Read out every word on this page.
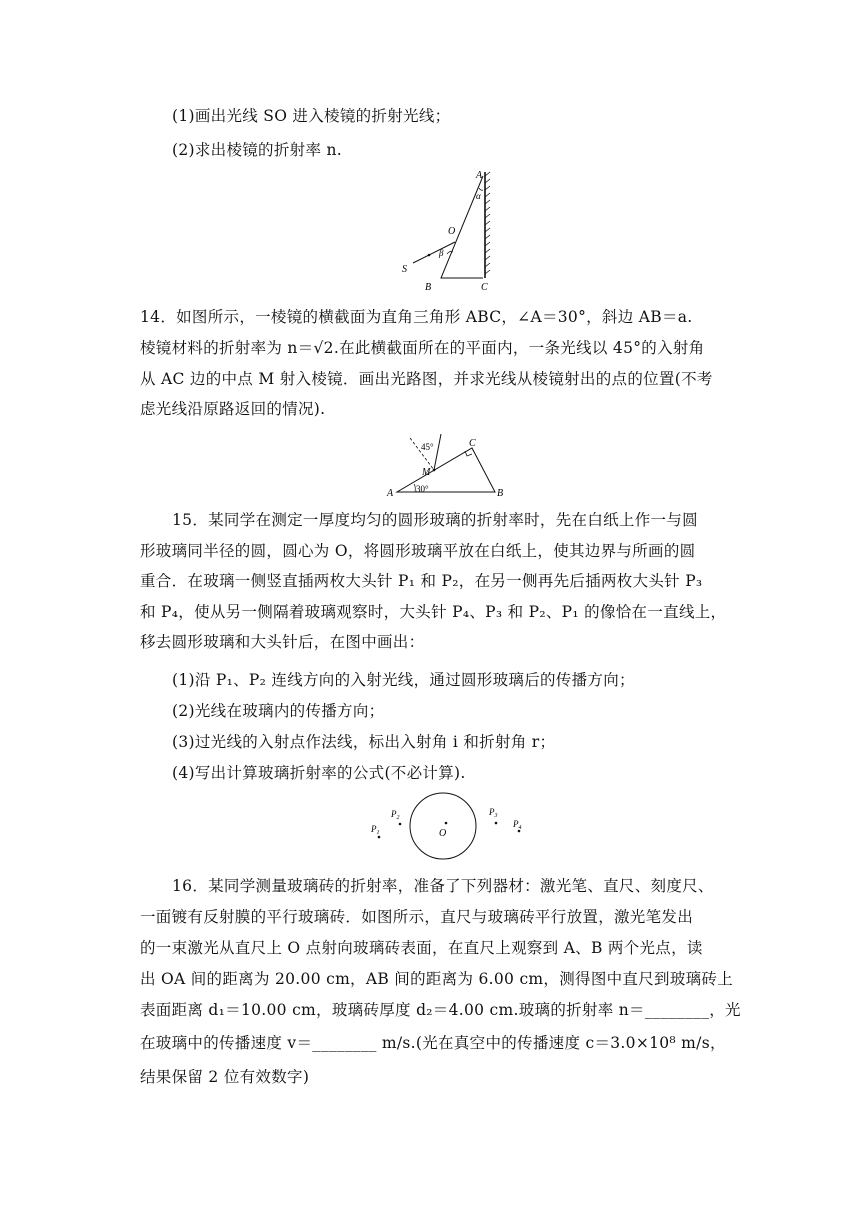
(1)画出光线 SO 进入棱镜的折射光线；
(2)求出棱镜的折射率 n.
A
α
O
β
S
B	C
14．如图所示，一棱镜的横截面为直角三角形 ABC，∠A＝30°，斜边 AB＝a.
棱镜材料的折射率为 n＝√2.在此横截面所在的平面内，一条光线以 45°的入射角
从 AC 边的中点 M 射入棱镜．画出光路图，并求光线从棱镜射出的点的位置(不考
虑光线沿原路返回的情况).
45°	C
M
A	30°	B
15．某同学在测定一厚度均匀的圆形玻璃的折射率时，先在白纸上作一与圆
形玻璃同半径的圆，圆心为 O，将圆形玻璃平放在白纸上，使其边界与所画的圆
重合．在玻璃一侧竖直插两枚大头针 P₁ 和 P₂，在另一侧再先后插两枚大头针 P₃
和 P₄，使从另一侧隔着玻璃观察时，大头针 P₄、P₃ 和 P₂、P₁ 的像恰在一直线上，
移去圆形玻璃和大头针后，在图中画出：
(1)沿 P₁、P₂ 连线方向的入射光线，通过圆形玻璃后的传播方向；
(2)光线在玻璃内的传播方向；
(3)过光线的入射点作法线，标出入射角 i 和折射角 r；
(4)写出计算玻璃折射率的公式(不必计算).
$P_1$
$P_2$
O
$P_3$
$P_4$
16．某同学测量玻璃砖的折射率，准备了下列器材：激光笔、直尺、刻度尺、
一面镀有反射膜的平行玻璃砖．如图所示，直尺与玻璃砖平行放置，激光笔发出
的一束激光从直尺上 O 点射向玻璃砖表面，在直尺上观察到 A、B 两个光点，读
出 OA 间的距离为 20.00 cm，AB 间的距离为 6.00 cm，测得图中直尺到玻璃砖上
表面距离 d₁＝10.00 cm，玻璃砖厚度 d₂＝4.00 cm.玻璃的折射率 n＝________，光
在玻璃中的传播速度 v＝________ m/s.(光在真空中的传播速度 c＝3.0×10⁸ m/s，
结果保留 2 位有效数字)
